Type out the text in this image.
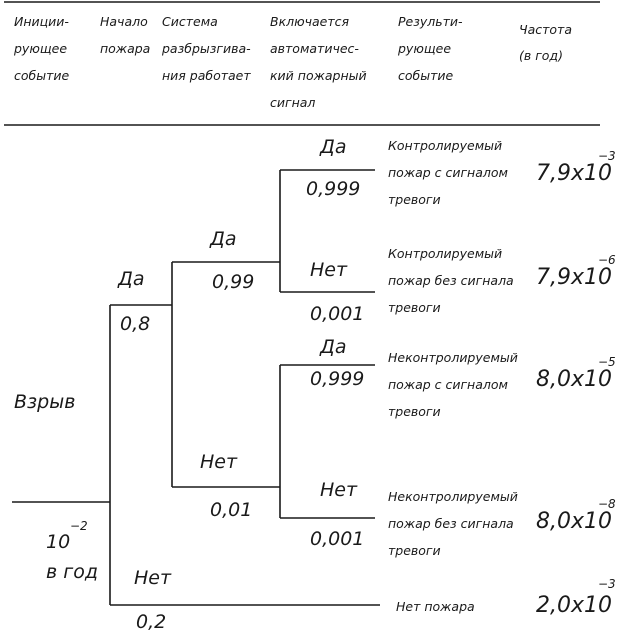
Иниции-
рующее
событие
Начало
пожара
Система
разбрызгива-
ния работает
Включается
автоматичес-
кий пожарный
сигнал
Результи-
рующее
событие
Частота
(в год)
Взрыв
10
−2
в год
Да
0,8
Нет
0,2
Да
0,99
Нет
0,01
Да
0,999
Нет
0,001
Да
0,999
Нет
0,001
Контролируемый
пожар с сигналом
тревоги
7,9x10
−3
Контролируемый
пожар без сигнала
тревоги
7,9x10
−6
Неконтролируемый
пожар с сигналом
тревоги
8,0x10
−5
Неконтролируемый
пожар без сигнала
тревоги
8,0x10
−8
Нет пожара	2,0x10
−3
